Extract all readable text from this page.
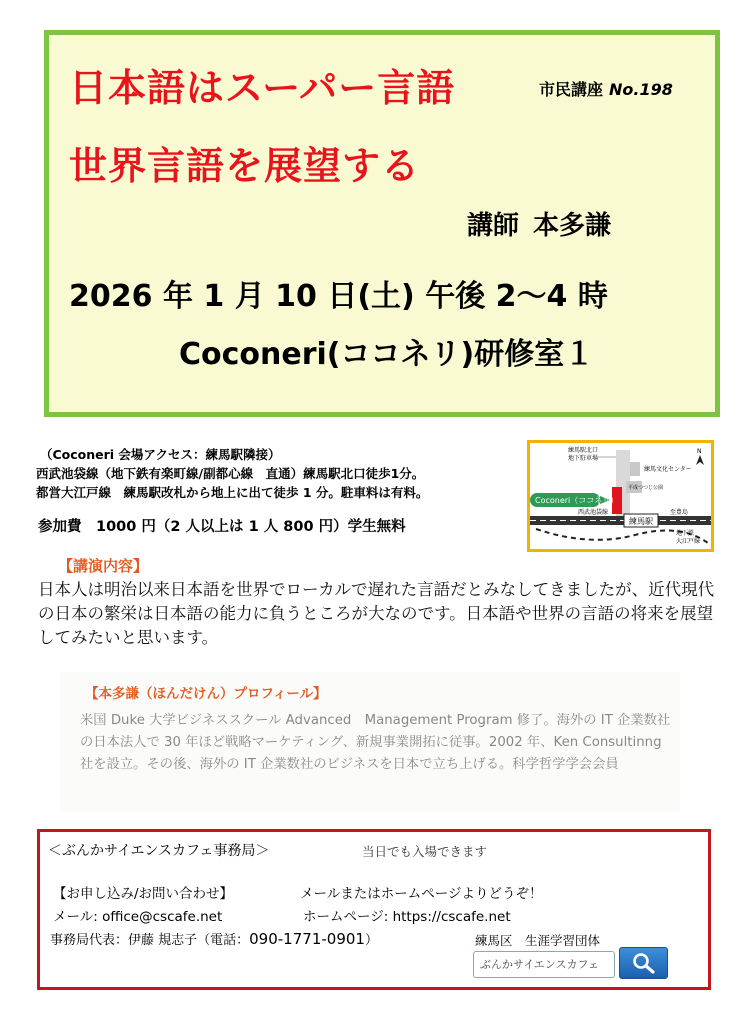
日本語はスーパー言語	市民講座 No.198
世界言語を展望する
講師 本多謙
2026 年 1 月 10 日(土) 午後 2～4 時
Coconeri(ココネリ)研修室１
（Coconeri 会場アクセス：練馬駅隣接）
西武池袋線（地下鉄有楽町線/副都心線　直通）練馬駅北口徒歩1分。
都営大江戸線　練馬駅改札から地上に出て徒歩 1 分。駐車料は有料。
参加費　1000 円（2 人以上は 1 人 800 円）学生無料	練馬駅
練馬駅北口
地下駐車場
練馬文化センター
平成つつじ公園
N
Coconeri（ココネリ）
西武池袋線	至豊島
地下鉄
大江戸線
【講演内容】
日本人は明治以来日本語を世界でローカルで遅れた言語だとみなしてきましたが、近代現代の日本の繁栄は日本語の能力に負うところが大なのです。日本語や世界の言語の将来を展望してみたいと思います。
【本多謙（ほんだけん）プロフィール】
米国 Duke 大学ビジネススクール Advanced　Management Program 修了。海外の IT 企業数社の日本法人で 30 年ほど戦略マーケティング、新規事業開拓に従事。2002 年、Ken Consultinng 社を設立。その後、海外の IT 企業数社のビジネスを日本で立ち上げる。科学哲学学会会員
＜ぶんかサイエンスカフェ事務局＞	当日でも入場できます
【お申し込み/お問い合わせ】	メールまたはホームページよりどうぞ！
メール: office@cscafe.net	ホームページ: https://cscafe.net
事務局代表：伊藤 規志子（電話：090-1771-0901）	練馬区　生涯学習団体
ぶんかサイエンスカフェ
